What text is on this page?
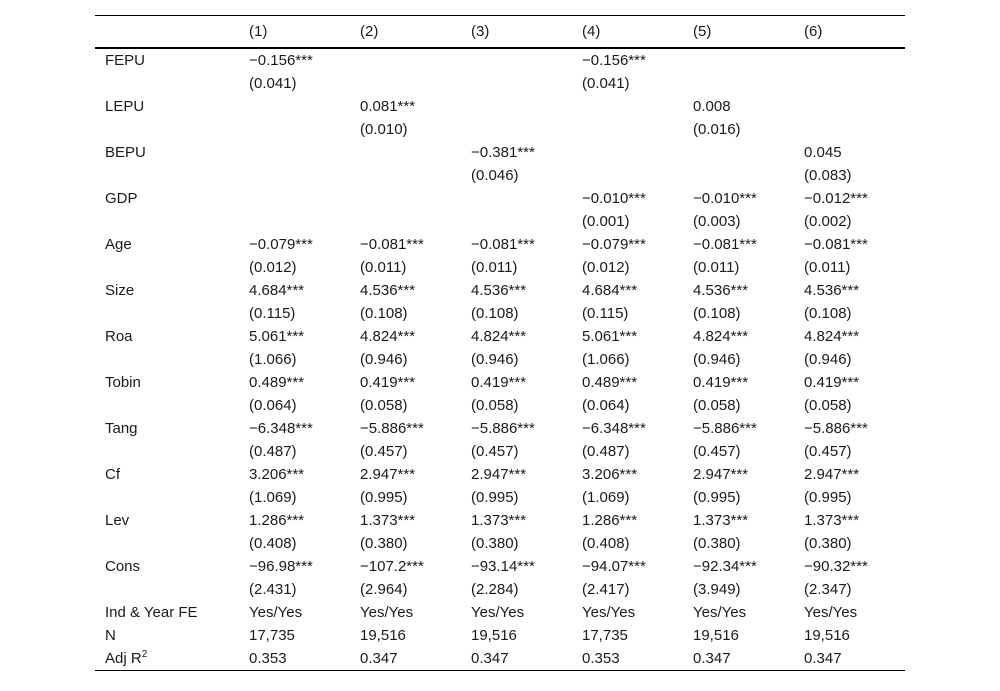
	(1)	(2)	(3)	(4)	(5)	(6)
FEPU	−0.156***			−0.156***		
	(0.041)			(0.041)		
LEPU		0.081***			0.008	
		(0.010)			(0.016)	
BEPU			−0.381***			0.045
			(0.046)			(0.083)
GDP				−0.010***	−0.010***	−0.012***
				(0.001)	(0.003)	(0.002)
Age	−0.079***	−0.081***	−0.081***	−0.079***	−0.081***	−0.081***
	(0.012)	(0.011)	(0.011)	(0.012)	(0.011)	(0.011)
Size	4.684***	4.536***	4.536***	4.684***	4.536***	4.536***
	(0.115)	(0.108)	(0.108)	(0.115)	(0.108)	(0.108)
Roa	5.061***	4.824***	4.824***	5.061***	4.824***	4.824***
	(1.066)	(0.946)	(0.946)	(1.066)	(0.946)	(0.946)
Tobin	0.489***	0.419***	0.419***	0.489***	0.419***	0.419***
	(0.064)	(0.058)	(0.058)	(0.064)	(0.058)	(0.058)
Tang	−6.348***	−5.886***	−5.886***	−6.348***	−5.886***	−5.886***
	(0.487)	(0.457)	(0.457)	(0.487)	(0.457)	(0.457)
Cf	3.206***	2.947***	2.947***	3.206***	2.947***	2.947***
	(1.069)	(0.995)	(0.995)	(1.069)	(0.995)	(0.995)
Lev	1.286***	1.373***	1.373***	1.286***	1.373***	1.373***
	(0.408)	(0.380)	(0.380)	(0.408)	(0.380)	(0.380)
Cons	−96.98***	−107.2***	−93.14***	−94.07***	−92.34***	−90.32***
	(2.431)	(2.964)	(2.284)	(2.417)	(3.949)	(2.347)
Ind & Year FE	Yes/Yes	Yes/Yes	Yes/Yes	Yes/Yes	Yes/Yes	Yes/Yes
N	17,735	19,516	19,516	17,735	19,516	19,516
Adj $R^2$	0.353	0.347	0.347	0.353	0.347	0.347
